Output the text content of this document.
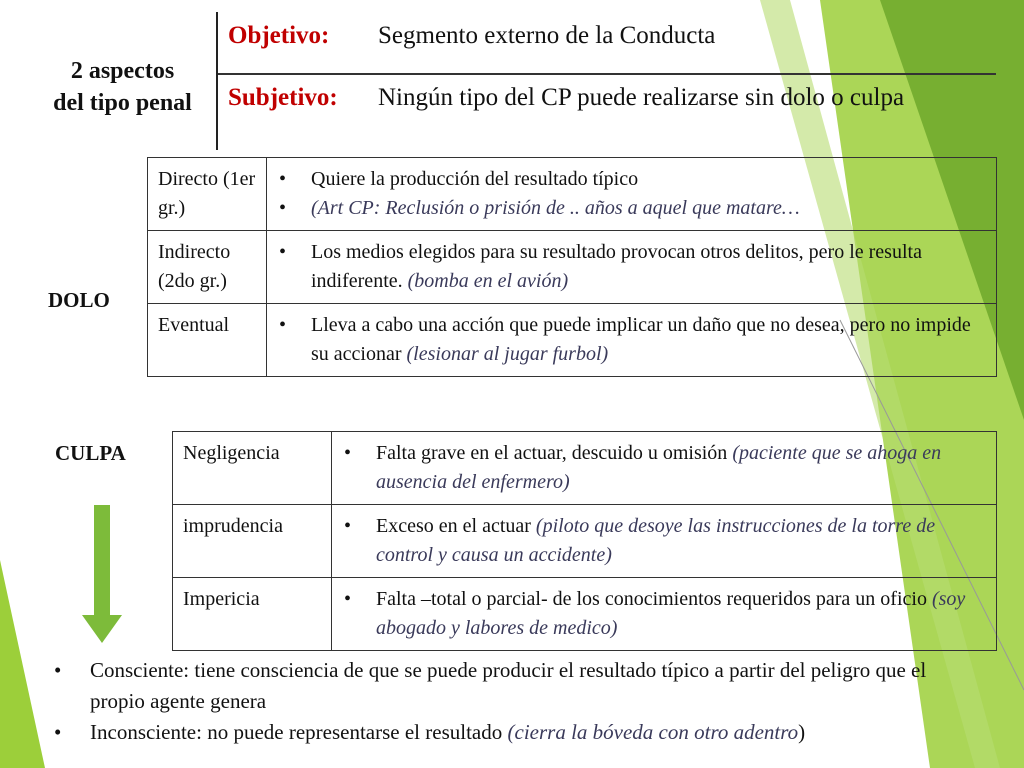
2 aspectos
del tipo penal
Objetivo: Segmento externo de la Conducta
Subjetivo: Ningún tipo del CP puede realizarse sin dolo o culpa
DOLO
Directo (1er gr.)	• Quiere la producción del resultado típico
• (Art CP: Reclusión o prisión de .. años a aquel que matare…

Indirecto (2do gr.)	• Los medios elegidos para su resultado provocan otros delitos, pero le resulta indiferente. (bomba en el avión)

Eventual	• Lleva a cabo una acción que puede implicar un daño que no desea, pero no impide su accionar (lesionar al jugar furbol)
CULPA	Negligencia	• Falta grave en el actuar, descuido u omisión (paciente que se ahoga en ausencia del enfermero)

imprudencia	• Exceso en el actuar (piloto que desoye las instrucciones de la torre de control y causa un accidente)

Impericia	• Falta –total o parcial- de los conocimientos requeridos para un oficio (soy abogado y labores de medico)
•	Consciente: tiene consciencia de que se puede producir el resultado típico a partir del peligro que el propio agente genera
•	Inconsciente: no puede representarse el resultado (cierra la bóveda con otro adentro)
